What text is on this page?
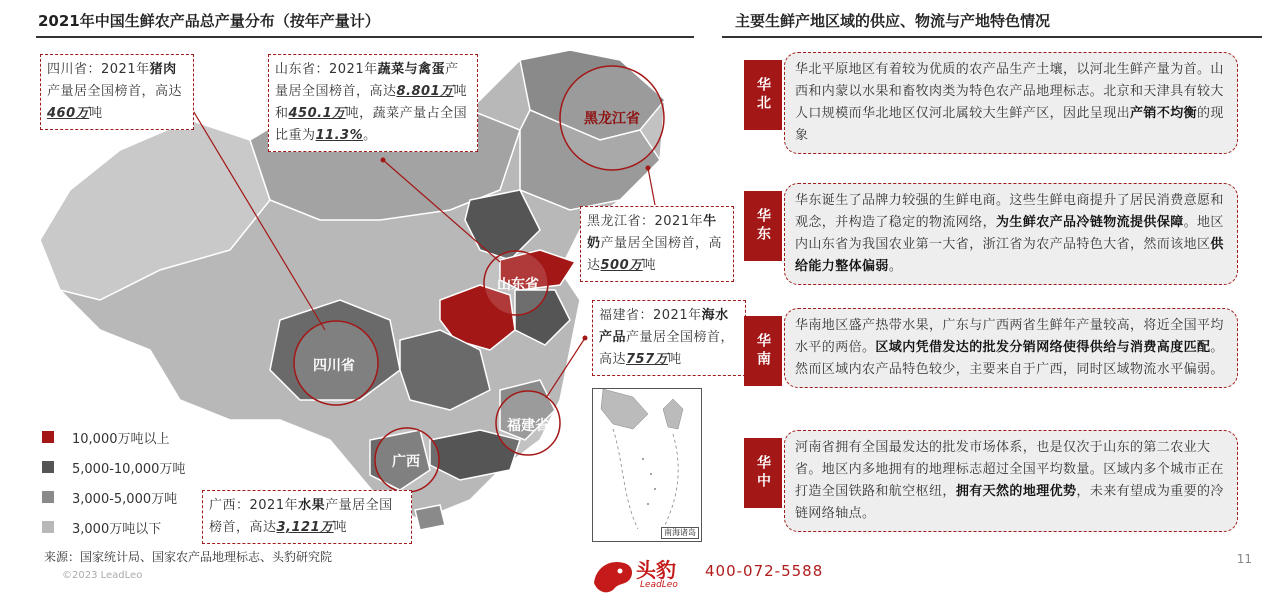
2021年中国生鲜农产品总产量分布（按年产量计）	主要生鲜产地区域的供应、物流与产地特色情况
黑龙江省
山东省
四川省
福建省
广西
四川省：2021年猪肉产量居全国榜首，高达460万吨
山东省：2021年蔬菜与禽蛋产量居全国榜首，高达8.801万吨和450.1万吨，蔬菜产量占全国比重为11.3%。
黑龙江省：2021年牛奶产量居全国榜首，高达500万吨
福建省：2021年海水产品产量居全国榜首，高达757万吨
广西：2021年水果产量居全国榜首，高达3,121万吨
10,000万吨以上
5,000-10,000万吨
3,000-5,000万吨
3,000万吨以下	南海诸岛
华北
华北平原地区有着较为优质的农产品生产土壤，以河北生鲜产量为首。山西和内蒙以水果和畜牧肉类为特色农产品地理标志。北京和天津具有较大人口规模而华北地区仅河北属较大生鲜产区，因此呈现出产销不均衡的现象
华东
华东诞生了品牌力较强的生鲜电商。这些生鲜电商提升了居民消费意愿和观念，并构造了稳定的物流网络，为生鲜农产品冷链物流提供保障。地区内山东省为我国农业第一大省，浙江省为农产品特色大省，然而该地区供给能力整体偏弱。
华南
华南地区盛产热带水果，广东与广西两省生鲜年产量较高，将近全国平均水平的两倍。区域内凭借发达的批发分销网络使得供给与消费高度匹配。然而区域内农产品特色较少，主要来自于广西，同时区域物流水平偏弱。
华中
河南省拥有全国最发达的批发市场体系，也是仅次于山东的第二农业大省。地区内多地拥有的地理标志超过全国平均数量。区域内多个城市正在打造全国铁路和航空枢纽，拥有天然的地理优势，未来有望成为重要的冷链网络轴点。
来源：国家统计局、国家农产品地理标志、头豹研究院
©2023 LeadLeo	头豹
LeadLeo
400-072-5588
11
